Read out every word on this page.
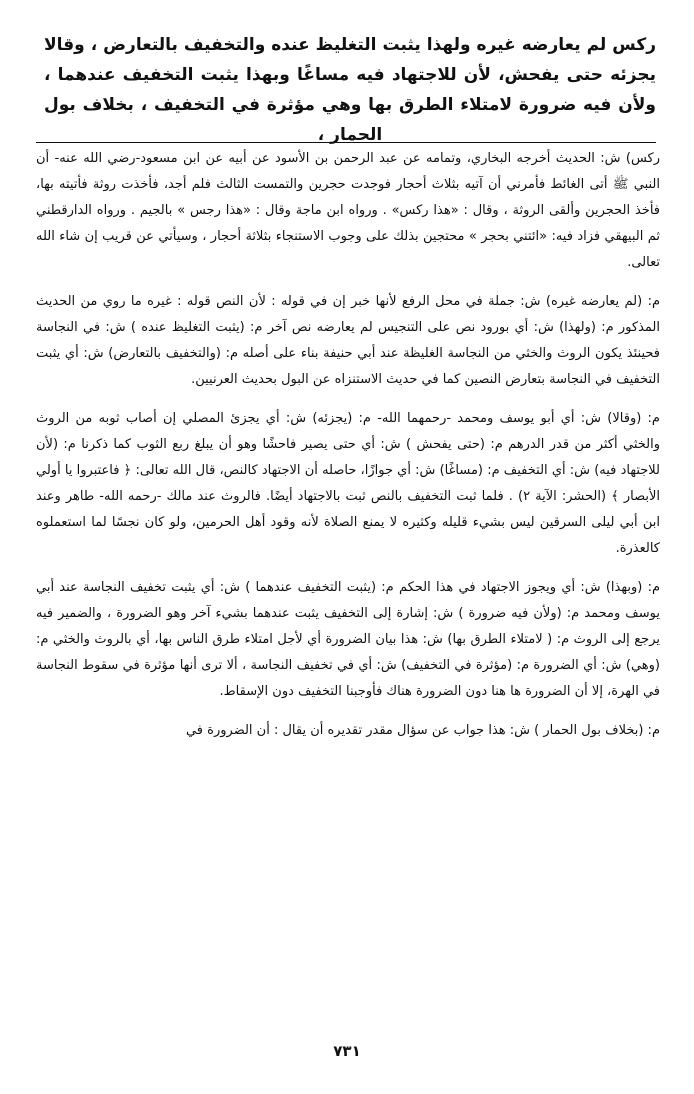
ركس لم يعارضه غيره ولهذا يثبت التغليظ عنده والتخفيف بالتعارض ، وقالا يجزئه حتى يفحش، لأن للاجتهاد فيه مساغًا وبهذا يثبت التخفيف عندهما ، ولأن فيه ضرورة لامتلاء الطرق بها وهي مؤثرة في التخفيف ، بخلاف بول الحمار ،

ركس) ش: الحديث أخرجه البخاري، وتمامه عن عبد الرحمن بن الأسود عن أبيه عن ابن مسعود-رضي الله عنه- أن النبي ﷺ أتى الغائط فأمرني أن آتيه بثلاث أحجار فوجدت حجرين والتمست الثالث فلم أجد، فأخذت روثة فأتيته بها، فأخذ الحجرين وألقى الروثة ، وقال : «هذا ركس» . ورواه ابن ماجة وقال : «هذا رجس » بالجيم . ورواه الدارقطني ثم البيهقي فزاد فيه: «ائتني بحجر » محتجين بذلك على وجوب الاستنجاء بثلاثة أحجار ، وسيأتي عن قريب إن شاء الله تعالى.

م: (لم يعارضه غيره) ش: جملة في محل الرفع لأنها خبر إن في قوله : لأن النص قوله : غيره ما روي من الحديث المذكور م: (ولهذا) ش: أي بورود نص على التنجيس لم يعارضه نص آخر م: (يثبت التغليظ عنده ) ش: في النجاسة فحينئذ يكون الروث والخثي من النجاسة الغليظة عند أبي حنيفة بناء على أصله م: (والتخفيف بالتعارض) ش: أي يثبت التخفيف في النجاسة بتعارض النصين كما في حديث الاستنزاه عن البول بحديث العرنيين.

م: (وقالا) ش: أي أبو يوسف ومحمد -رحمهما الله- م: (يجزئه) ش: أي يجزئ المصلي إن أصاب ثوبه من الروث والخثي أكثر من قدر الدرهم م: (حتى يفحش ) ش: أي حتى يصير فاحشًا وهو أن يبلغ ربع الثوب كما ذكرنا م: (لأن للاجتهاد فيه) ش: أي التخفيف م: (مساغًا) ش: أي جوازًا، حاصله أن الاجتهاد كالنص، قال الله تعالى: ﴿ فاعتبروا يا أولي الأبصار ﴾ (الحشر: الآية ٢) . فلما ثبت التخفيف بالنص ثبت بالاجتهاد أيضًا. فالروث عند مالك -رحمه الله- طاهر وعند ابن أبي ليلى السرقين ليس بشيء قليله وكثيره لا يمنع الصلاة لأنه وقود أهل الحرمين، ولو كان نجسًا لما استعملوه كالعذرة.

م: (وبهذا) ش: أي ويجوز الاجتهاد في هذا الحكم م: (يثبت التخفيف عندهما ) ش: أي يثبت تخفيف النجاسة عند أبي يوسف ومحمد م: (ولأن فيه ضرورة ) ش: إشارة إلى التخفيف يثبت عندهما بشيء آخر وهو الضرورة ، والضمير فيه يرجع إلى الروث م: ( لامتلاء الطرق بها) ش: هذا بيان الضرورة أي لأجل امتلاء طرق الناس بها، أي بالروث والخثي م: (وهي) ش: أي الضرورة م: (مؤثرة في التخفيف) ش: أي في تخفيف النجاسة ، ألا ترى أنها مؤثرة في سقوط النجاسة في الهرة، إلا أن الضرورة ها هنا دون الضرورة هناك فأوجبنا التخفيف دون الإسقاط.

م: (بخلاف بول الحمار ) ش: هذا جواب عن سؤال مقدر تقديره أن يقال : أن الضرورة في

٧٣١
